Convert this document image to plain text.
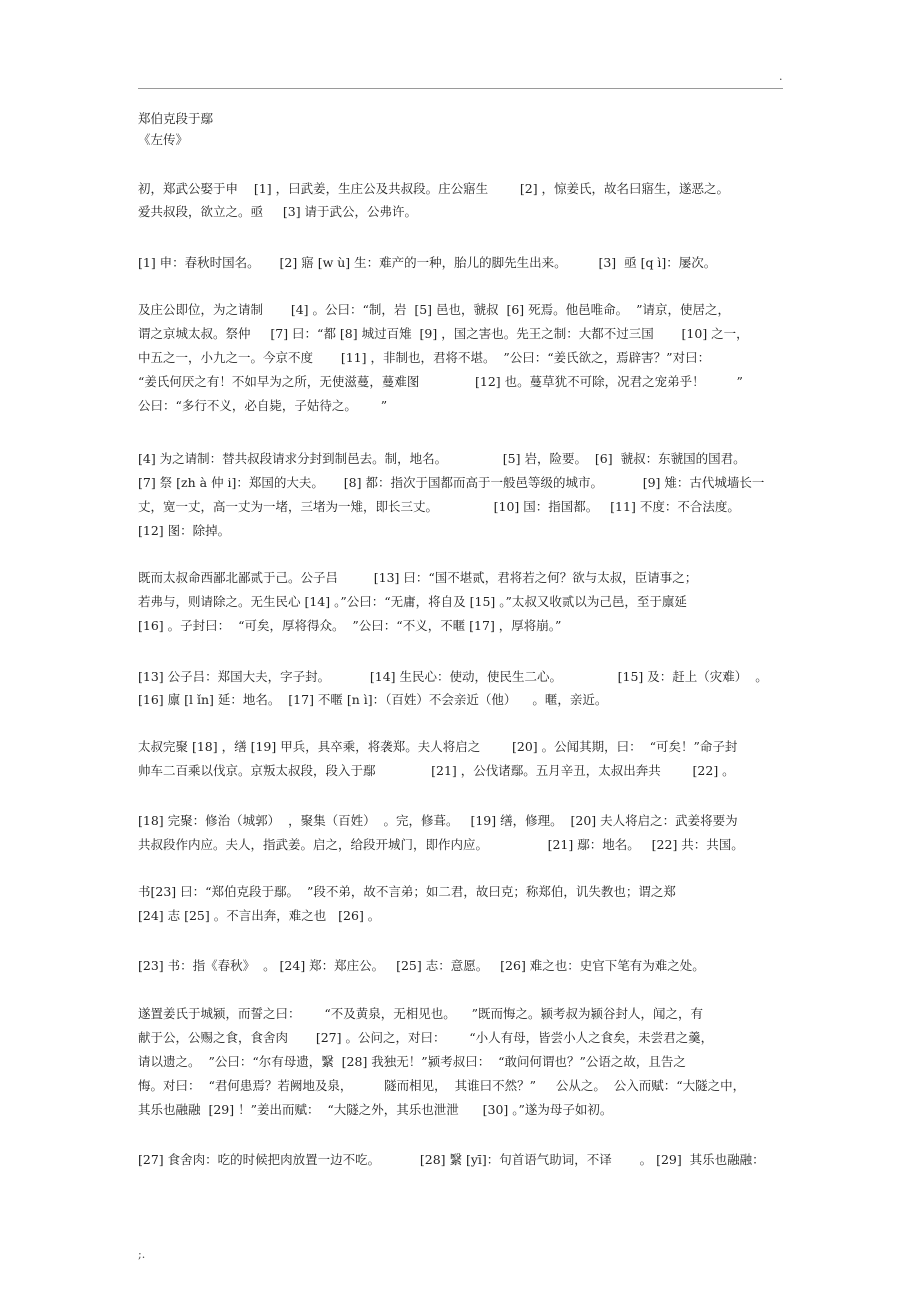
.
郑伯克段于鄢
《左传》
初，郑武公娶于申    [1] ，曰武姜，生庄公及共叔段。庄公寤生        [2] ，惊姜氏，故名曰寤生，遂恶之。
爱共叔段，欲立之。亟     [3] 请于武公，公弗许。
[1] 申：春秋时国名。     [2] 寤 [w ù] 生：难产的一种，胎儿的脚先生出来。        [3]  亟 [q ì]：屡次。
及庄公即位，为之请制       [4] 。公曰：“制，岩  [5] 邑也，虢叔  [6] 死焉。他邑唯命。  ”请京，使居之，
谓之京城太叔。祭仲     [7] 曰：“都 [8] 城过百雉  [9] ，国之害也。先王之制：大都不过三国       [10] 之一，
中五之一，小九之一。今京不度       [11] ，非制也，君将不堪。  ”公曰：“姜氏欲之，焉辟害？”对曰：
“姜氏何厌之有！不如早为之所，无使滋蔓，蔓难图              [12] 也。蔓草犹不可除，况君之宠弟乎！        ”
公曰：“多行不义，必自毙，子姑待之。      ”
[4] 为之请制：替共叔段请求分封到制邑去。制，地名。              [5] 岩，险要。  [6]  虢叔：东虢国的国君。
[7] 祭 [zh à 仲 i]：郑国的大夫。     [8] 都：指次于国都而高于一般邑等级的城市。          [9] 雉：古代城墙长一
丈，宽一丈，高一丈为一堵，三堵为一雉，即长三丈。              [10] 国：指国都。   [11] 不度：不合法度。
[12] 图：除掉。
既而太叔命西鄙北鄙贰于己。公子吕         [13] 曰：“国不堪贰，君将若之何？欲与太叔，臣请事之；
若弗与，则请除之。无生民心 [14] 。”公曰：“无庸，将自及 [15] 。”太叔又收贰以为己邑，至于廪延
[16] 。子封曰：  “可矣，厚将得众。  ”公曰：“不义，不暱 [17] ，厚将崩。”
[13] 公子吕：郑国大夫，字子封。          [14] 生民心：使动，使民生二心。              [15] 及：赶上（灾难）  。
[16] 廪 [l ǐn] 延：地名。  [17] 不暱 [n ì]：（百姓）不会亲近（他）    。暱，亲近。
太叔完聚 [18] ，缮 [19] 甲兵，具卒乘，将袭郑。夫人将启之        [20] 。公闻其期，曰：  “可矣！”命子封
帅车二百乘以伐京。京叛太叔段，段入于鄢              [21] ，公伐诸鄢。五月辛丑，太叔出奔共        [22] 。
[18] 完聚：修治（城郭）  ，聚集（百姓）  。完，修葺。   [19] 缮，修理。  [20] 夫人将启之：武姜将要为
共叔段作内应。夫人，指武姜。启之，给段开城门，即作内应。               [21] 鄢：地名。   [22] 共：共国。
书[23] 曰：“郑伯克段于鄢。  ”段不弟，故不言弟；如二君，故曰克；称郑伯，讥失教也；谓之郑
[24] 志 [25] 。不言出奔，难之也   [26] 。
[23] 书：指《春秋》  。 [24] 郑：郑庄公。   [25] 志：意愿。   [26] 难之也：史官下笔有为难之处。
遂置姜氏于城颍，而誓之曰：      “不及黄泉，无相见也。    ”既而悔之。颍考叔为颍谷封人，闻之，有
献于公，公赐之食，食舍肉       [27] 。公问之，对曰：      “小人有母，皆尝小人之食矣，未尝君之羹，
请以遗之。  ”公曰：“尔有母遗，繄  [28] 我独无！”颍考叔曰：  “敢问何谓也？”公语之故，且告之
悔。对曰：  “君何患焉？若阙地及泉，        隧而相见，  其谁曰不然？”     公从之。  公入而赋：“大隧之中，
其乐也融融  [29] ！”姜出而赋：  “大隧之外，其乐也泄泄      [30] 。”遂为母子如初。
[27] 食舍肉：吃的时候把肉放置一边不吃。          [28] 繄 [yī]：句首语气助词，不译       。 [29]  其乐也融融：
;.
